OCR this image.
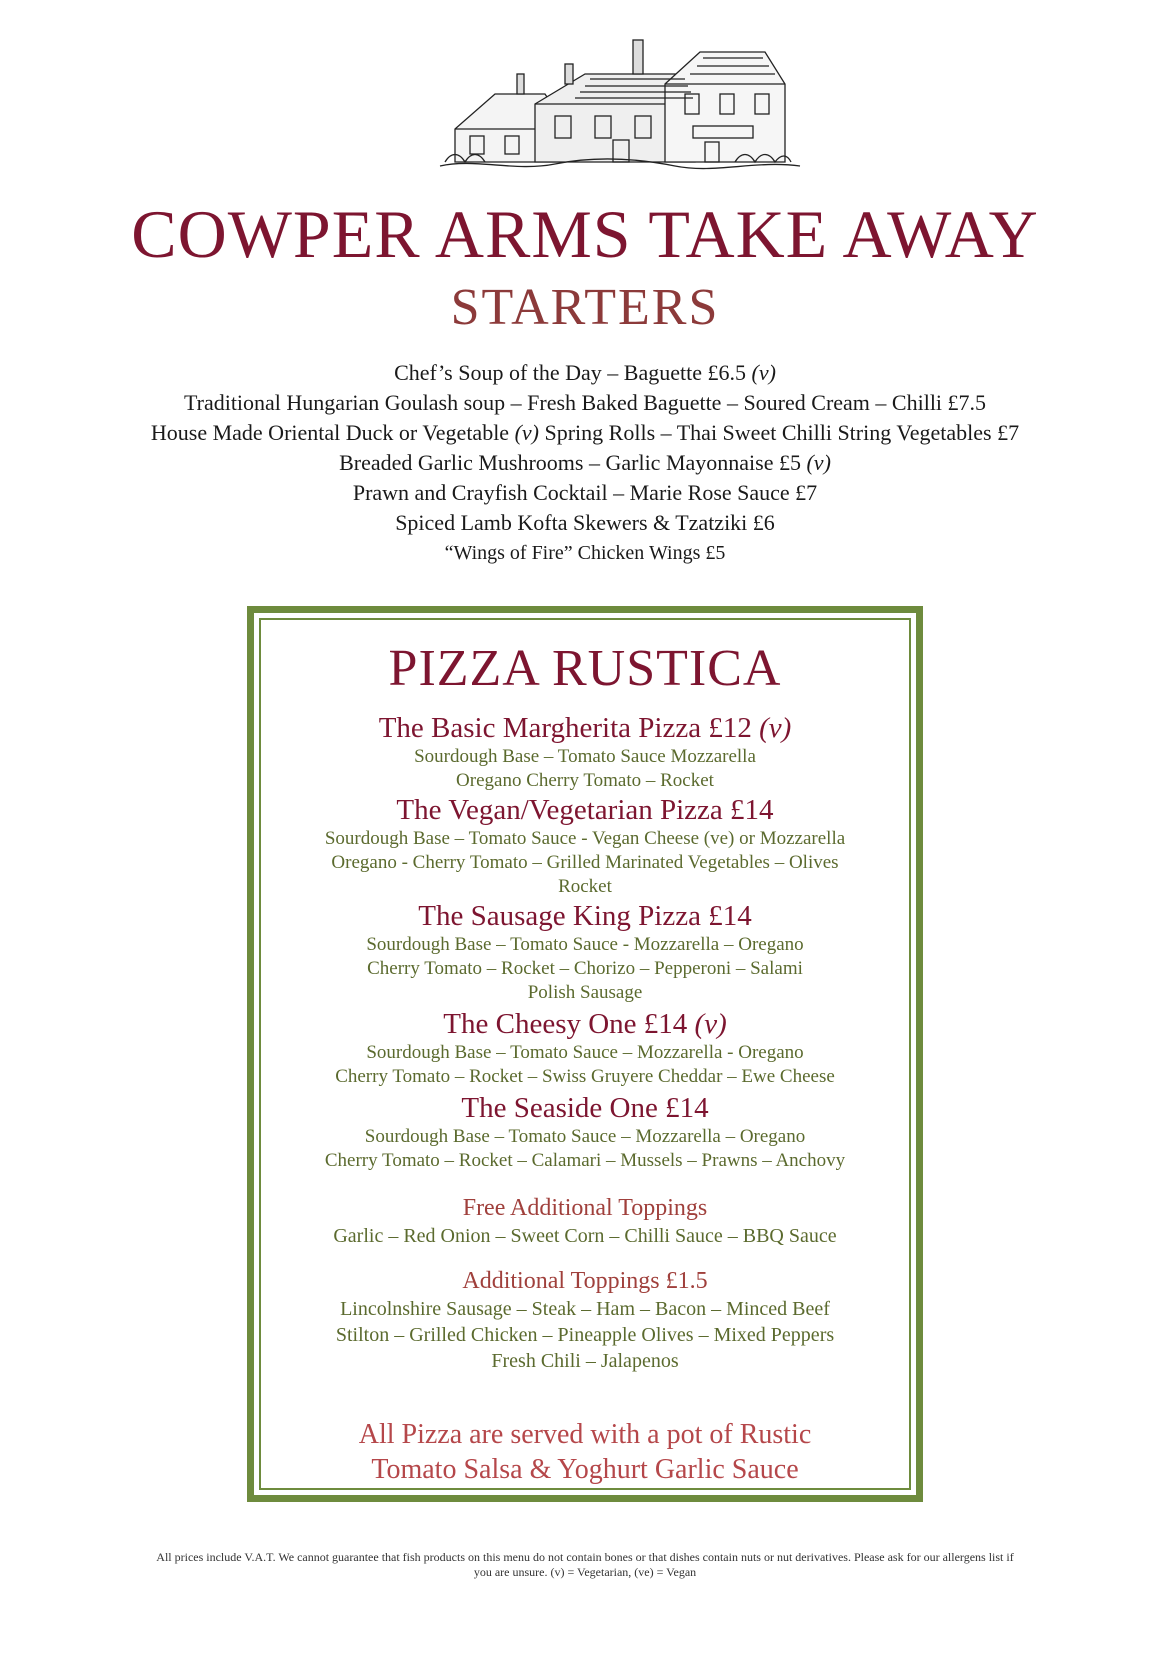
COWPER ARMS TAKE AWAY
STARTERS
Chef’s Soup of the Day – Baguette £6.5 (v)
Traditional Hungarian Goulash soup – Fresh Baked Baguette – Soured Cream – Chilli £7.5
House Made Oriental Duck or Vegetable (v) Spring Rolls – Thai Sweet Chilli String Vegetables £7
Breaded Garlic Mushrooms – Garlic Mayonnaise £5 (v)
Prawn and Crayfish Cocktail – Marie Rose Sauce £7
Spiced Lamb Kofta Skewers & Tzatziki £6
“Wings of Fire” Chicken Wings £5
PIZZA RUSTICA
The Basic Margherita Pizza £12 (v)
Sourdough Base – Tomato Sauce Mozzarella
Oregano Cherry Tomato – Rocket
The Vegan/Vegetarian Pizza £14
Sourdough Base – Tomato Sauce - Vegan Cheese (ve) or Mozzarella
Oregano - Cherry Tomato – Grilled Marinated Vegetables – Olives
Rocket
The Sausage King Pizza £14
Sourdough Base – Tomato Sauce - Mozzarella – Oregano
Cherry Tomato – Rocket – Chorizo – Pepperoni – Salami
Polish Sausage
The Cheesy One £14 (v)
Sourdough Base – Tomato Sauce – Mozzarella - Oregano
Cherry Tomato – Rocket – Swiss Gruyere Cheddar – Ewe Cheese
The Seaside One £14
Sourdough Base – Tomato Sauce – Mozzarella – Oregano
Cherry Tomato – Rocket – Calamari – Mussels – Prawns – Anchovy
Free Additional Toppings
Garlic – Red Onion – Sweet Corn – Chilli Sauce – BBQ Sauce
Additional Toppings £1.5
Lincolnshire Sausage – Steak – Ham – Bacon – Minced Beef
Stilton – Grilled Chicken – Pineapple Olives – Mixed Peppers
Fresh Chili – Jalapenos
All Pizza are served with a pot of Rustic
Tomato Salsa & Yoghurt Garlic Sauce
All prices include V.A.T. We cannot guarantee that fish products on this menu do not contain bones or that dishes contain nuts or nut derivatives. Please ask for our allergens list if
you are unsure. (v) = Vegetarian, (ve) = Vegan
